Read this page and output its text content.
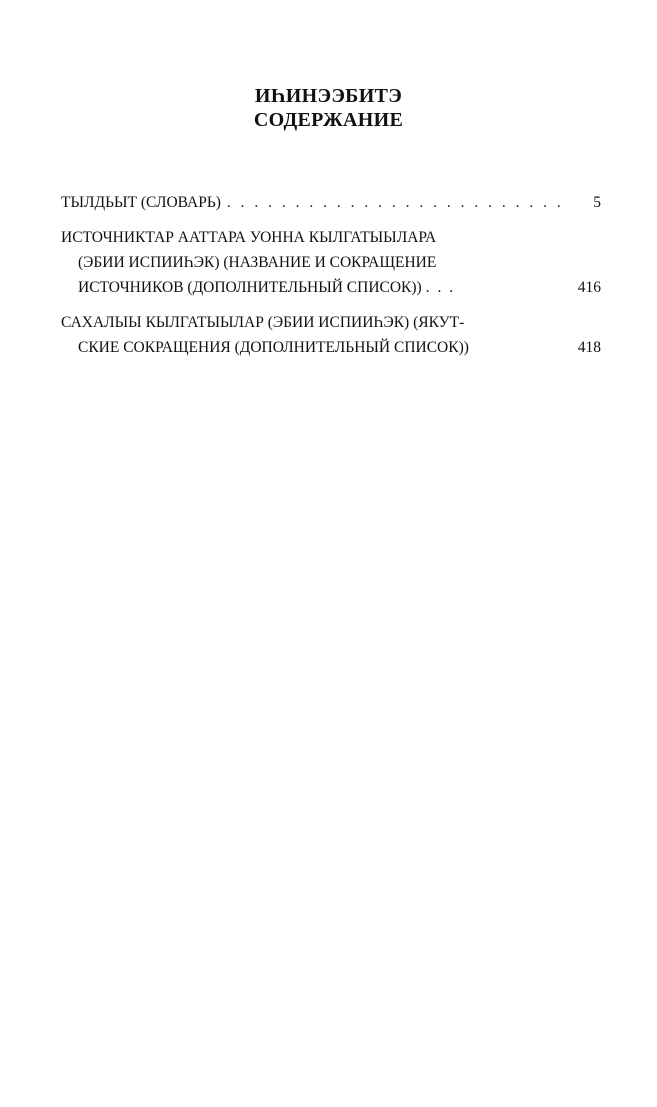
ИҺИНЭЭБИТЭ
СОДЕРЖАНИЕ
ТЫЛДЬЫТ (СЛОВАРЬ) . . .	5
ИСТОЧНИКТАР ААТТАРА УОННА КЫЛГАТЫЫЛАРА
(ЭБИИ ИСПИИҺЭК) (НАЗВАНИЕ И СОКРАЩЕНИЕ
ИСТОЧНИКОВ (ДОПОЛНИТЕЛЬНЫЙ СПИСОК)) . . .	416
САХАЛЫЫ КЫЛГАТЫЫЛАР (ЭБИИ ИСПИИҺЭК) (ЯКУТ-
СКИЕ СОКРАЩЕНИЯ (ДОПОЛНИТЕЛЬНЫЙ СПИСОК))	418
